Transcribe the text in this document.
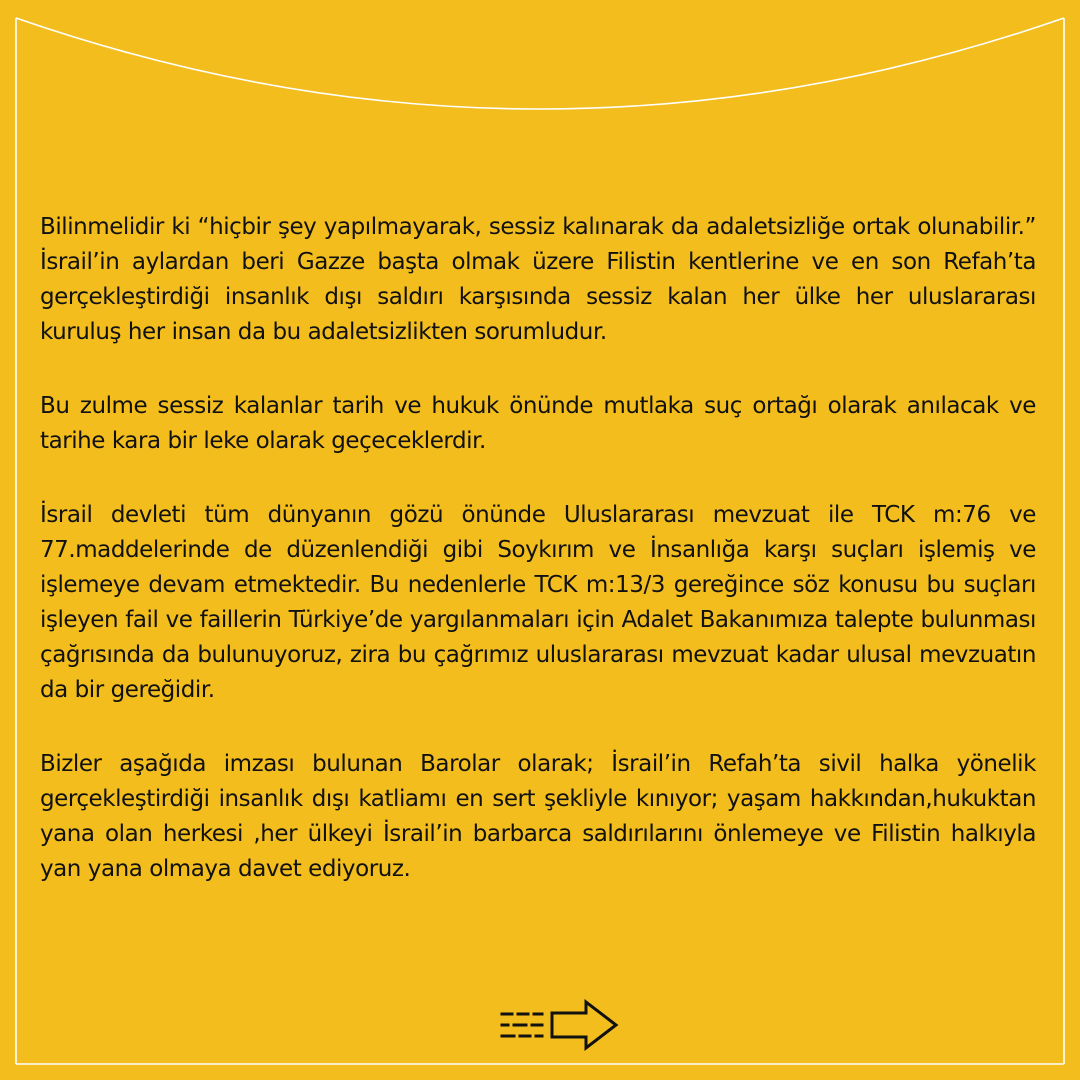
Bilinmelidir ki “hiçbir şey yapılmayarak, sessiz kalınarak da adaletsizliğe ortak olunabilir.” İsrail’in aylardan beri Gazze başta olmak üzere Filistin kentlerine ve en son Refah’ta gerçekleştirdiği insanlık dışı saldırı karşısında sessiz kalan her ülke her uluslararası kuruluş her insan da bu adaletsizlikten sorumludur.

Bu zulme sessiz kalanlar tarih ve hukuk önünde mutlaka suç ortağı olarak anılacak ve tarihe kara bir leke olarak geçeceklerdir.

İsrail devleti tüm dünyanın gözü önünde Uluslararası mevzuat ile TCK m:76 ve 77.maddelerinde de düzenlendiği gibi Soykırım ve İnsanlığa karşı suçları işlemiş ve işlemeye devam etmektedir. Bu nedenlerle TCK m:13/3 gereğince söz konusu bu suçları işleyen fail ve faillerin Türkiye’de yargılanmaları için Adalet Bakanımıza talepte bulunması çağrısında da bulunuyoruz, zira bu çağrımız uluslararası mevzuat kadar ulusal mevzuatın da bir gereğidir.

Bizler aşağıda imzası bulunan Barolar olarak; İsrail’in Refah’ta sivil halka yönelik gerçekleştirdiği insanlık dışı katliamı en sert şekliyle kınıyor; yaşam hakkından,hukuktan yana olan herkesi ,her ülkeyi İsrail’in barbarca saldırılarını önlemeye ve Filistin halkıyla yan yana olmaya davet ediyoruz.
